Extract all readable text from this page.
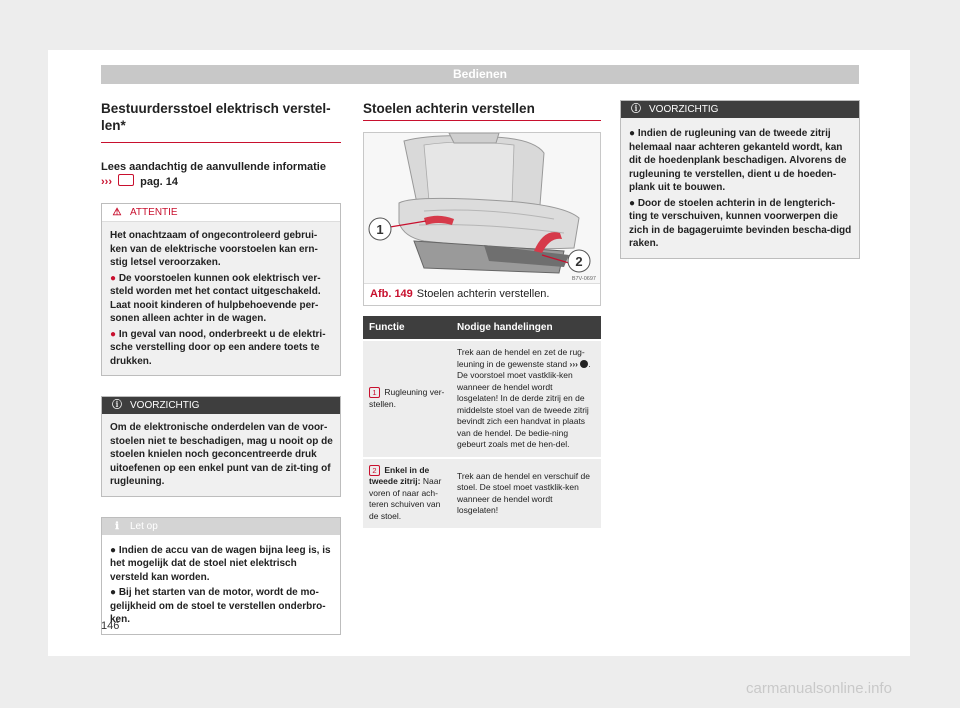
Bedienen
Bestuurdersstoel elektrisch verstel-len*
Lees aandachtig de aanvullende informatie
›››	pag. 14
⚠ ATTENTIE

Het onachtzaam of ongecontroleerd gebrui-ken van de elektrische voorstoelen kan ern-stig letsel veroorzaken.

● De voorstoelen kunnen ook elektrisch ver-steld worden met het contact uitgeschakeld. Laat nooit kinderen of hulpbehoevende per-sonen alleen achter in de wagen.

● In geval van nood, onderbreekt u de elektri-sche verstelling door op een andere toets te drukken.

ⓘ VOORZICHTIG

Om de elektronische onderdelen van de voor-stoelen niet te beschadigen, mag u nooit op de stoelen knielen noch geconcentreerde druk uitoefenen op een enkel punt van de zit-ting of rugleuning.

ℹ Let op

● Indien de accu van de wagen bijna leeg is, is het mogelijk dat de stoel niet elektrisch versteld kan worden.

● Bij het starten van de motor, wordt de mo-gelijkheid om de stoel te verstellen onderbro-ken.

Stoelen achterin verstellen
1
2
B7V-0697
Afb. 149 Stoelen achterin verstellen.
Functie	Nodige handelingen
1 Rugleuning ver-stellen.	Trek aan de hendel en zet de rug-leuning in de gewenste stand ››› . De voorstoel moet vastklik-ken wanneer de hendel wordt losgelaten! In de derde zitrij en de middelste stoel van de tweede zitrij bevindt zich een handvat in plaats van de hendel. De bedie-ning gebeurt zoals met de hen-del.
2 Enkel in de tweede zitrij: Naar voren of naar ach-teren schuiven van de stoel.	Trek aan de hendel en verschuif de stoel. De stoel moet vastklik-ken wanneer de hendel wordt losgelaten!
ⓘ VOORZICHTIG

● Indien de rugleuning van de tweede zitrij helemaal naar achteren gekanteld wordt, kan dit de hoedenplank beschadigen. Alvorens de rugleuning te verstellen, dient u de hoeden-plank uit te bouwen.

● Door de stoelen achterin in de lengterich-ting te verschuiven, kunnen voorwerpen die zich in de bagageruimte bevinden bescha-digd raken.

146
carmanualsonline.info
